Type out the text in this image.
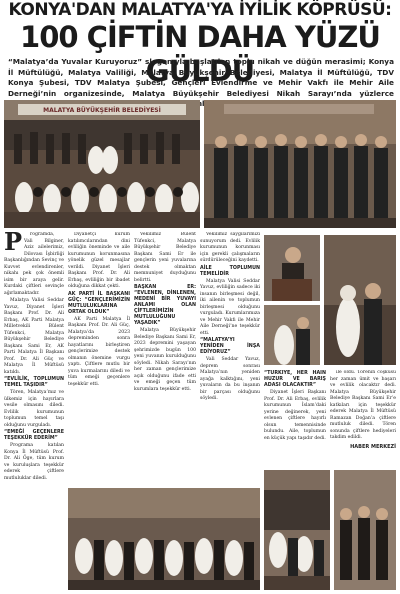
KONYA'DAN MALATYA'YA İYİLİK KÖPRÜSÜ:
100 ÇİFTİN DAHA YÜZÜ GÜLDÜ
“Malatya’da Yuvalar Kuruyoruz” sloganıyla başlatılan toplu nikah ve düğün merasimi; Konya İl Müftülüğü, Malatya Valiliği, Malatya Büyükşehir Belediyesi, Malatya İl Müftülüğü, TDV Konya Şubesi, TDV Malatya Şubesi, Gençleri Evlendirme ve Mehir Vakfı ile Mehir Aile Derneği’nin organizesinde, Malatya Büyükşehir Belediyesi Nikah Sarayı’nda yüzlerce
MALATYA BÜYÜKŞEHİR BELEDİYESİ
P	rogramda, Vali Bilginer, Aziz ailelerimiz, Dilovası İşbirliği Başkanlığından Sevinç ve Kuvvet evlendirenler, nikahı pek çok önemli isim bir araya gelir. Kurdaki çiftleri sevinçle ağırlamaktadır.

Malatya Valisi Seddar Yavuz, Diyanet İşleri Başkanı Prof. Dr. Ali Erbaş, AK Parti Malatya Milletvekili Bülent Tüfenkci, Malatya Büyükşehir Belediye Başkanı Sami Er, AK Parti Malatya İl Başkanı Prof. Dr. Ali Güç ve Malatya İl Müftüsü katıldı.

“EVLİLİK, TOPLUMUN TEMEL TAŞIDIR”

Tören, Malatya’mız ve ülkemiz için hayırlara vesile olmasını diledi. Evlilik kurumunun toplumun temel taşı olduğunu vurguladı.

“EMEĞİ GEÇENLERE TEŞEKKÜR EDERİM”

Programa katılan Konya İl Müftüsü Prof. Dr. Ali Öge, tüm kurum ve kuruluşlara teşekkür ederek çiftlere mutluluklar diledi.

Diyanetçi kurum katılımcılarından dini evliliğin öneminde ve aile kurumunun korunmasına yönelik güzel mesajlar verildi. Diyanet İşleri Başkanı Prof. Dr. Ali Erbaş, evliliğin bir ibadet olduğuna dikkat çekti.

AK PARTİ İL BAŞKANI GÜÇ: “GENÇLERİMİZİN MUTLULUKLARINA ORTAK OLDUK”

AK Parti Malatya İl Başkanı Prof. Dr. Ali Güç, Malatya’da 2023 depreminden sonra hayatlarını birleştiren gençlerimize destek olmanın önemine vurgu yaptı. Çiftlere mutlu bir yuva kurmalarını diledi ve tüm emeği geçenlere teşekkür etti.

Vekilimiz Bülent Tüfenkci, Malatya Büyükşehir Belediye Başkanı Sami Er ile gençlerin yeni yuvalarına destek olmaktan memnuniyet duyduğunu belirtti.

BAŞKAN ER: “EVLENEN, DİNLENEN, MEDENİ BİR YUVAYI ANLAMI OLAN ÇİFTLERİMİZİN MUTLULUĞUNU YAŞADIK”

Malatya Büyükşehir Belediye Başkanı Sami Er, 2023 depremini yaşayan şehrimizde bugün 100 yeni yuvanın kurulduğunu söyledi. Nikah Sarayı’nın her zaman gençlerimize açık olduğunu ifade etti ve emeği geçen tüm kurumlara teşekkür etti.

Vekilimiz saygılarımızı sunuyorum dedi. Evlilik kurumunun korunması için gerekli çalışmaların sürdürüleceğini kaydetti.

AİLE TOPLUMUN TEMELİDİR

Malatya Valisi Seddar Yavuz, evliliğin sadece iki insanın birleşmesi değil, iki ailenin ve toplumun birleşmesi olduğunu vurguladı. Kurumlarımıza ve Mehir Vakfı ile Mehir Aile Derneği’ne teşekkür etti.

“MALATYA’YI YENİDEN İNŞA EDİYORUZ”

Vali Seddar Yavuz, deprem sonrası Malatya’nın yeniden ayağa kalktığını, yeni yuvaların da bu inşanın bir parçası olduğunu söyledi.

“TÜRKİYE, HER HAİN HUZUR VE BARIŞ ADASI OLACAKTIR”

Diyanet İşleri Başkanı Prof. Dr. Ali Erbaş, evlilik kurumunun İslam’daki yerine değinerek, yeni evlenen çiftlere hayırlı olsun temennisinde bulundu. Aile, toplumun en küçük yapı taşıdır dedi.

ile oldu. Törenin coşkusu her zaman ümit ve başarı ve evlilik olacaktır dedi. Malatya Büyükşehir Belediye Başkanı Sami Er’e katkıları için teşekkür ederek Malatya İl Müftüsü Ramazan Doğan’a çiftlere mutluluk diledi. Tören sonunda çiftlere hediyeleri takdim edildi.

HABER MERKEZİ
